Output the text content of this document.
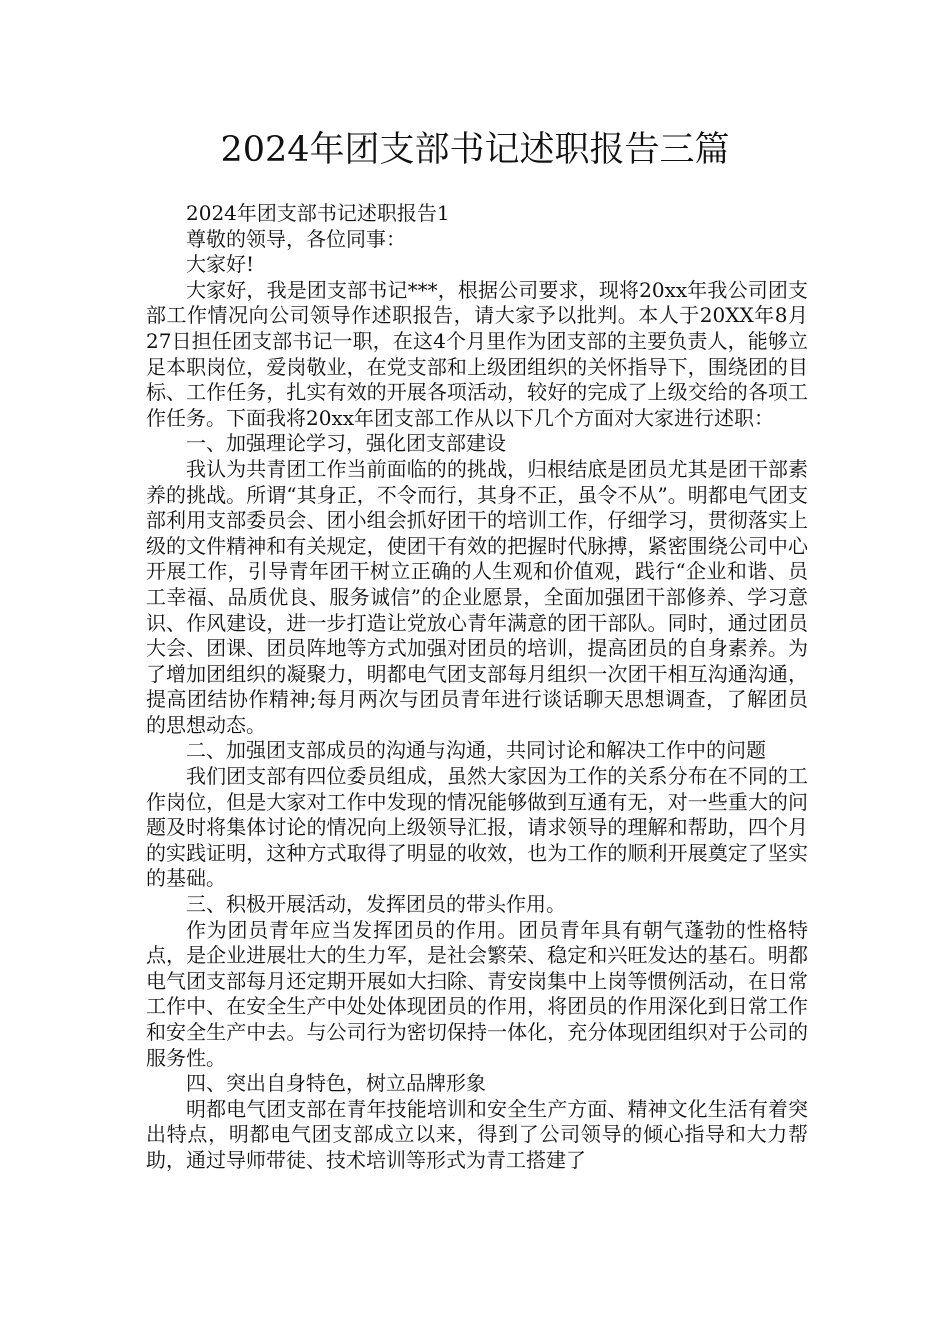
2024年团支部书记述职报告三篇

2024年团支部书记述职报告1

尊敬的领导，各位同事：

大家好!

大家好，我是团支部书记***，根据公司要求，现将20xx年我公司团支部工作情况向公司领导作述职报告，请大家予以批判。本人于20XX年8月27日担任团支部书记一职，在这4个月里作为团支部的主要负责人，能够立足本职岗位，爱岗敬业，在党支部和上级团组织的关怀指导下，围绕团的目标、工作任务，扎实有效的开展各项活动，较好的完成了上级交给的各项工作任务。下面我将20xx年团支部工作从以下几个方面对大家进行述职：

一、加强理论学习，强化团支部建设

我认为共青团工作当前面临的的挑战，归根结底是团员尤其是团干部素养的挑战。所谓“其身正，不令而行，其身不正，虽令不从”。明都电气团支部利用支部委员会、团小组会抓好团干的培训工作，仔细学习，贯彻落实上级的文件精神和有关规定，使团干有效的把握时代脉搏，紧密围绕公司中心开展工作，引导青年团干树立正确的人生观和价值观，践行“企业和谐、员工幸福、品质优良、服务诚信”的企业愿景，全面加强团干部修养、学习意识、作风建设，进一步打造让党放心青年满意的团干部队。同时，通过团员大会、团课、团员阵地等方式加强对团员的培训，提高团员的自身素养。为了增加团组织的凝聚力，明都电气团支部每月组织一次团干相互沟通沟通，提高团结协作精神;每月两次与团员青年进行谈话聊天思想调查，了解团员的思想动态。

二、加强团支部成员的沟通与沟通，共同讨论和解决工作中的问题

我们团支部有四位委员组成，虽然大家因为工作的关系分布在不同的工作岗位，但是大家对工作中发现的情况能够做到互通有无，对一些重大的问题及时将集体讨论的情况向上级领导汇报，请求领导的理解和帮助，四个月的实践证明，这种方式取得了明显的收效，也为工作的顺利开展奠定了坚实的基础。

三、积极开展活动，发挥团员的带头作用。

作为团员青年应当发挥团员的作用。团员青年具有朝气蓬勃的性格特点，是企业进展壮大的生力军，是社会繁荣、稳定和兴旺发达的基石。明都电气团支部每月还定期开展如大扫除、青安岗集中上岗等惯例活动，在日常工作中、在安全生产中处处体现团员的作用，将团员的作用深化到日常工作和安全生产中去。与公司行为密切保持一体化，充分体现团组织对于公司的服务性。

四、突出自身特色，树立品牌形象

明都电气团支部在青年技能培训和安全生产方面、精神文化生活有着突出特点，明都电气团支部成立以来，得到了公司领导的倾心指导和大力帮助，通过导师带徒、技术培训等形式为青工搭建了
